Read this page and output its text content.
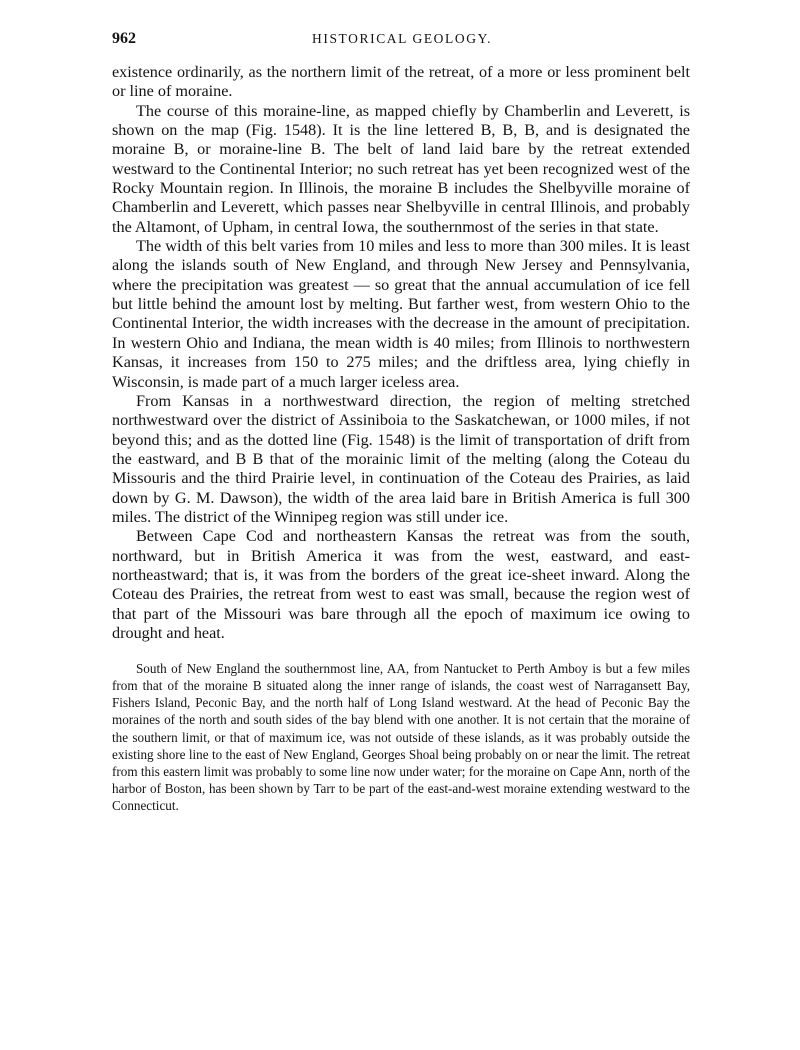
962	HISTORICAL GEOLOGY.

existence ordinarily, as the northern limit of the retreat, of a more or less prominent belt or line of moraine.

The course of this moraine-line, as mapped chiefly by Chamberlin and Leverett, is shown on the map (Fig. 1548). It is the line lettered B, B, B, and is designated the moraine B, or moraine-line B. The belt of land laid bare by the retreat extended westward to the Continental Interior; no such retreat has yet been recognized west of the Rocky Mountain region. In Illinois, the moraine B includes the Shelbyville moraine of Chamberlin and Leverett, which passes near Shelbyville in central Illinois, and probably the Altamont, of Upham, in central Iowa, the southernmost of the series in that state.

The width of this belt varies from 10 miles and less to more than 300 miles. It is least along the islands south of New England, and through New Jersey and Pennsylvania, where the precipitation was greatest — so great that the annual accumulation of ice fell but little behind the amount lost by melting. But farther west, from western Ohio to the Continental Interior, the width increases with the decrease in the amount of precipitation. In western Ohio and Indiana, the mean width is 40 miles; from Illinois to northwestern Kansas, it increases from 150 to 275 miles; and the driftless area, lying chiefly in Wisconsin, is made part of a much larger iceless area.

From Kansas in a northwestward direction, the region of melting stretched northwestward over the district of Assiniboia to the Saskatchewan, or 1000 miles, if not beyond this; and as the dotted line (Fig. 1548) is the limit of transportation of drift from the eastward, and B B that of the morainic limit of the melting (along the Coteau du Missouris and the third Prairie level, in continuation of the Coteau des Prairies, as laid down by G. M. Dawson), the width of the area laid bare in British America is full 300 miles. The district of the Winnipeg region was still under ice.

Between Cape Cod and northeastern Kansas the retreat was from the south, northward, but in British America it was from the west, eastward, and east-northeastward; that is, it was from the borders of the great ice-sheet inward. Along the Coteau des Prairies, the retreat from west to east was small, because the region west of that part of the Missouri was bare through all the epoch of maximum ice owing to drought and heat.

South of New England the southernmost line, AA, from Nantucket to Perth Amboy is but a few miles from that of the moraine B situated along the inner range of islands, the coast west of Narragansett Bay, Fishers Island, Peconic Bay, and the north half of Long Island westward. At the head of Peconic Bay the moraines of the north and south sides of the bay blend with one another. It is not certain that the moraine of the southern limit, or that of maximum ice, was not outside of these islands, as it was probably outside the existing shore line to the east of New England, Georges Shoal being probably on or near the limit. The retreat from this eastern limit was probably to some line now under water; for the moraine on Cape Ann, north of the harbor of Boston, has been shown by Tarr to be part of the east-and-west moraine extending westward to the Connecticut.
